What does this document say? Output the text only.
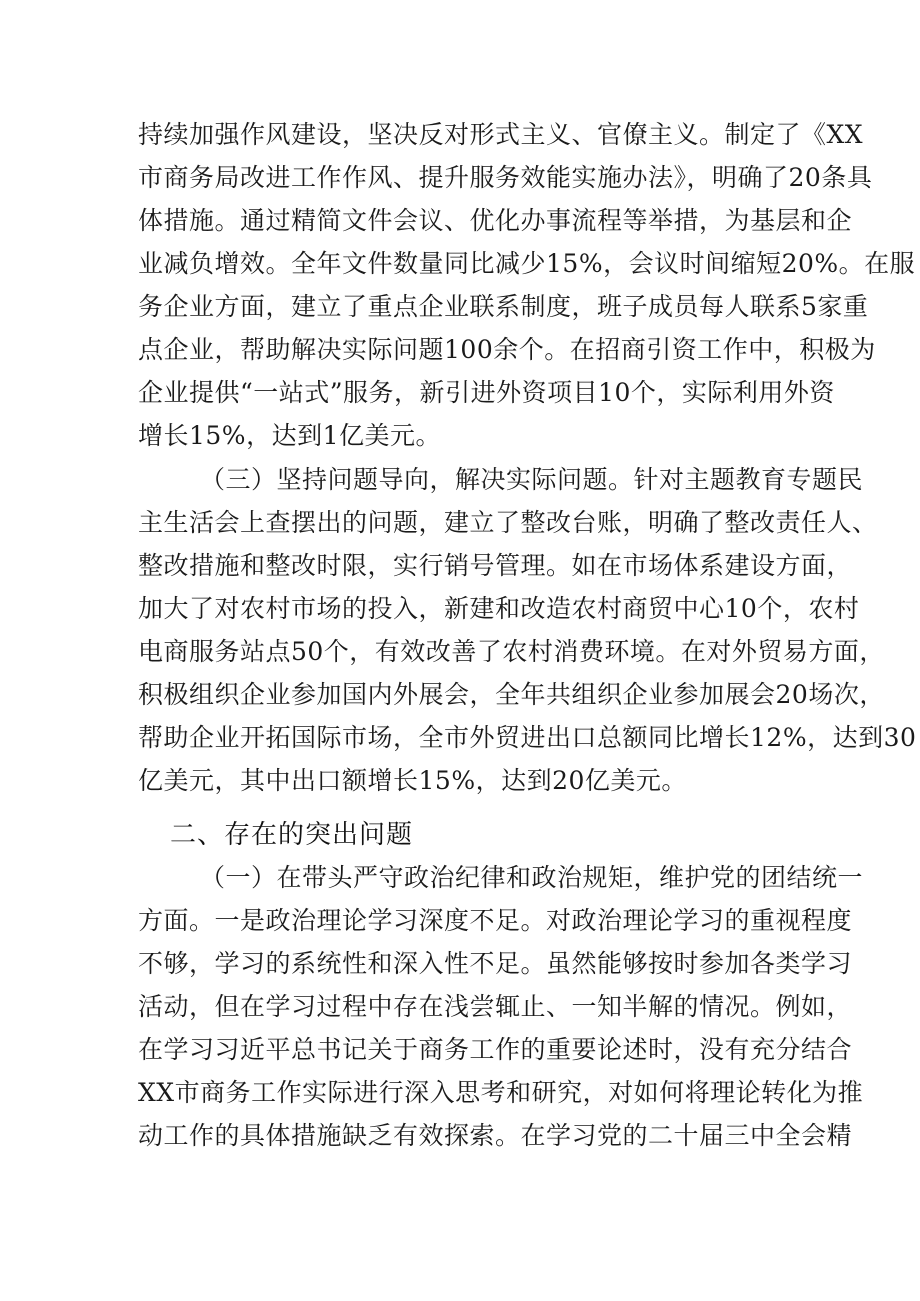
持续加强作风建设，坚决反对形式主义、官僚主义。制定了《XX
市商务局改进工作作风、提升服务效能实施办法》，明确了20条具
体措施。通过精简文件会议、优化办事流程等举措，为基层和企
业减负增效。全年文件数量同比减少15%，会议时间缩短20%。在服
务企业方面，建立了重点企业联系制度，班子成员每人联系5家重
点企业，帮助解决实际问题100余个。在招商引资工作中，积极为
企业提供“一站式”服务，新引进外资项目10个，实际利用外资
增长15%，达到1亿美元。
（三）坚持问题导向，解决实际问题。针对主题教育专题民
主生活会上查摆出的问题，建立了整改台账，明确了整改责任人、
整改措施和整改时限，实行销号管理。如在市场体系建设方面，
加大了对农村市场的投入，新建和改造农村商贸中心10个，农村
电商服务站点50个，有效改善了农村消费环境。在对外贸易方面，
积极组织企业参加国内外展会，全年共组织企业参加展会20场次，
帮助企业开拓国际市场，全市外贸进出口总额同比增长12%，达到30
亿美元，其中出口额增长15%，达到20亿美元。
二、存在的突出问题
（一）在带头严守政治纪律和政治规矩，维护党的团结统一
方面。一是政治理论学习深度不足。对政治理论学习的重视程度
不够，学习的系统性和深入性不足。虽然能够按时参加各类学习
活动，但在学习过程中存在浅尝辄止、一知半解的情况。例如，
在学习习近平总书记关于商务工作的重要论述时，没有充分结合
XX市商务工作实际进行深入思考和研究，对如何将理论转化为推
动工作的具体措施缺乏有效探索。在学习党的二十届三中全会精
